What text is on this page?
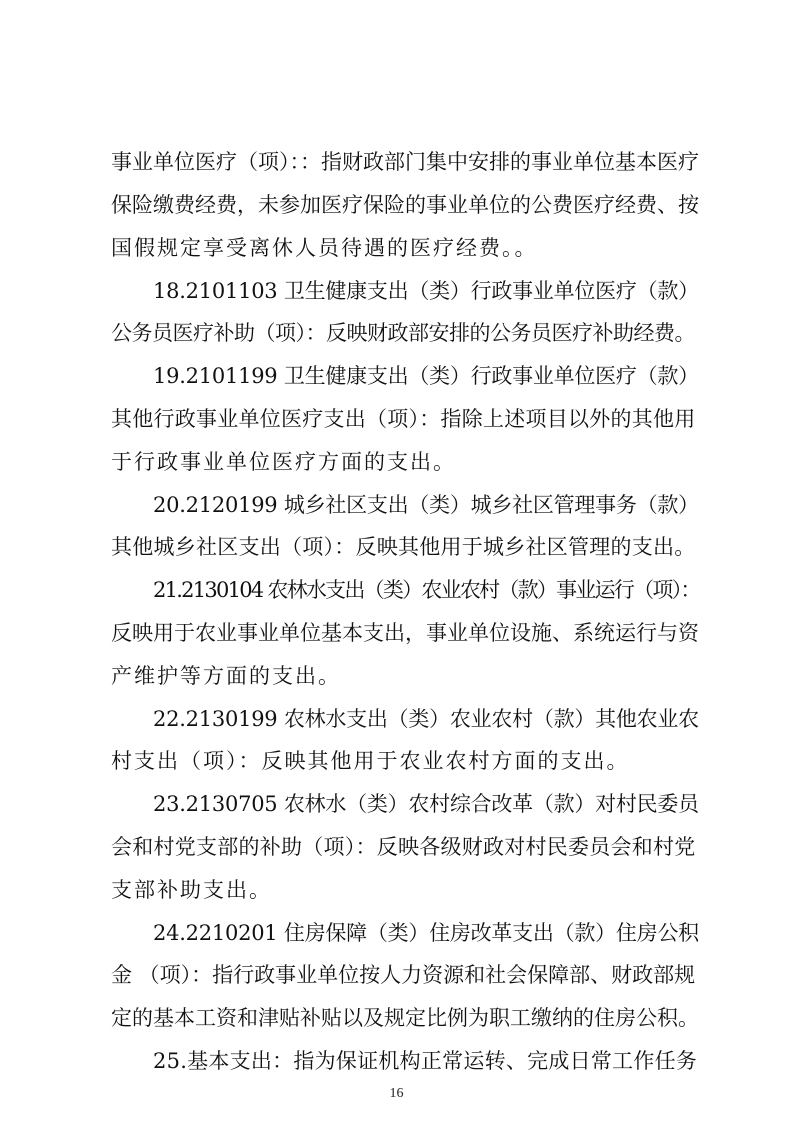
事业单位医疗（项）：：指财政部门集中安排的事业单位基本医疗
保险缴费经费，未参加医疗保险的事业单位的公费医疗经费、按
国假规定享受离休人员待遇的医疗经费。。
18.2101103 卫生健康支出（类）行政事业单位医疗（款）
公务员医疗补助（项）：反映财政部安排的公务员医疗补助经费。
19.2101199 卫生健康支出（类）行政事业单位医疗（款）
其他行政事业单位医疗支出（项）：指除上述项目以外的其他用
于行政事业单位医疗方面的支出。
20.2120199 城乡社区支出（类）城乡社区管理事务（款）
其他城乡社区支出（项）：反映其他用于城乡社区管理的支出。
21.2130104 农林水支出（类）农业农村（款）事业运行（项）：
反映用于农业事业单位基本支出，事业单位设施、系统运行与资
产维护等方面的支出。
22.2130199 农林水支出（类）农业农村（款）其他农业农
村支出（项）：反映其他用于农业农村方面的支出。
23.2130705 农林水（类）农村综合改革（款）对村民委员
会和村党支部的补助（项）：反映各级财政对村民委员会和村党
支部补助支出。
24.2210201 住房保障（类）住房改革支出（款）住房公积
金 （项）：指行政事业单位按人力资源和社会保障部、财政部规
定的基本工资和津贴补贴以及规定比例为职工缴纳的住房公积。
25.基本支出：指为保证机构正常运转、完成日常工作任务
16
